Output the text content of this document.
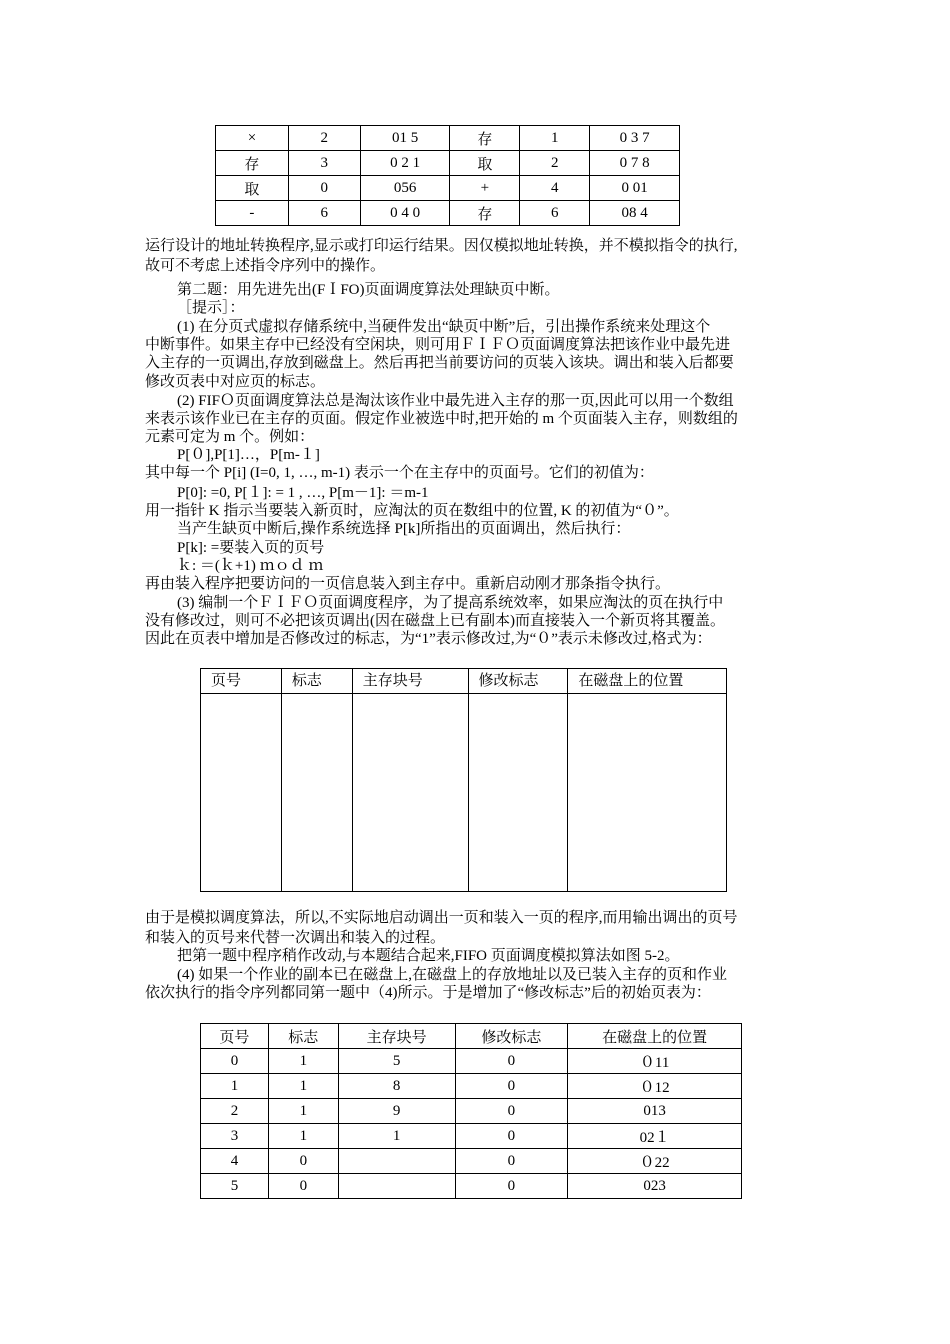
×	2	01 5	存	1	0 3 7
存	3	0 2 1	取	2	0 7 8
取	0	056	+	4	0 01
-	6	0 4 0	存	6	08 4
页号	标志	主存块号	修改标志	在磁盘上的位置

页号	标志	主存块号	修改标志	在磁盘上的位置
0	1	5	0	０11
1	1	8	0	０12
2	1	9	0	013
3	1	1	0	02１
4	0		0	０22
5	0		0	023
运行设计的地址转换程序,显示或打印运行结果。因仅模拟地址转换，并不模拟指令的执行,
故可不考虑上述指令序列中的操作。
第二题：用先进先出(FＩFO)页面调度算法处理缺页中断。
［提示］：
(1) 在分页式虚拟存储系统中,当硬件发出“缺页中断”后，引出操作系统来处理这个
中断事件。如果主存中已经没有空闲块，则可用ＦＩＦＯ页面调度算法把该作业中最先进
入主存的一页调出,存放到磁盘上。然后再把当前要访问的页装入该块。调出和装入后都要
修改页表中对应页的标志。
(2) FIFＯ页面调度算法总是淘汰该作业中最先进入主存的那一页,因此可以用一个数组
来表示该作业已在主存的页面。假定作业被选中时,把开始的 m 个页面装入主存，则数组的
元素可定为 m 个。例如：
P[０],P[1]…，P[m-１]
其中每一个 P[i] (I=0, 1, …, m-1) 表示一个在主存中的页面号。它们的初值为：
P[0]: =0, P[１]: = 1 , …, P[m－1]: ＝m-1
用一指针 K 指示当要装入新页时，应淘汰的页在数组中的位置, K 的初值为“０”。
当产生缺页中断后,操作系统选择 P[k]所指出的页面调出，然后执行：
P[k]: =要装入页的页号
ｋ: ＝(ｋ+1) ｍｏｄ ｍ
再由装入程序把要访问的一页信息装入到主存中。重新启动刚才那条指令执行。
(3) 编制一个ＦＩＦＯ页面调度程序，为了提高系统效率，如果应淘汰的页在执行中
没有修改过，则可不必把该页调出(因在磁盘上已有副本)而直接装入一个新页将其覆盖。
因此在页表中增加是否修改过的标志，为“1”表示修改过,为“０”表示未修改过,格式为：
由于是模拟调度算法，所以,不实际地启动调出一页和装入一页的程序,而用输出调出的页号
和装入的页号来代替一次调出和装入的过程。
把第一题中程序稍作改动,与本题结合起来,FIFO 页面调度模拟算法如图 5-2。
(4) 如果一个作业的副本已在磁盘上,在磁盘上的存放地址以及已装入主存的页和作业
依次执行的指令序列都同第一题中（4)所示。于是增加了“修改标志”后的初始页表为：
